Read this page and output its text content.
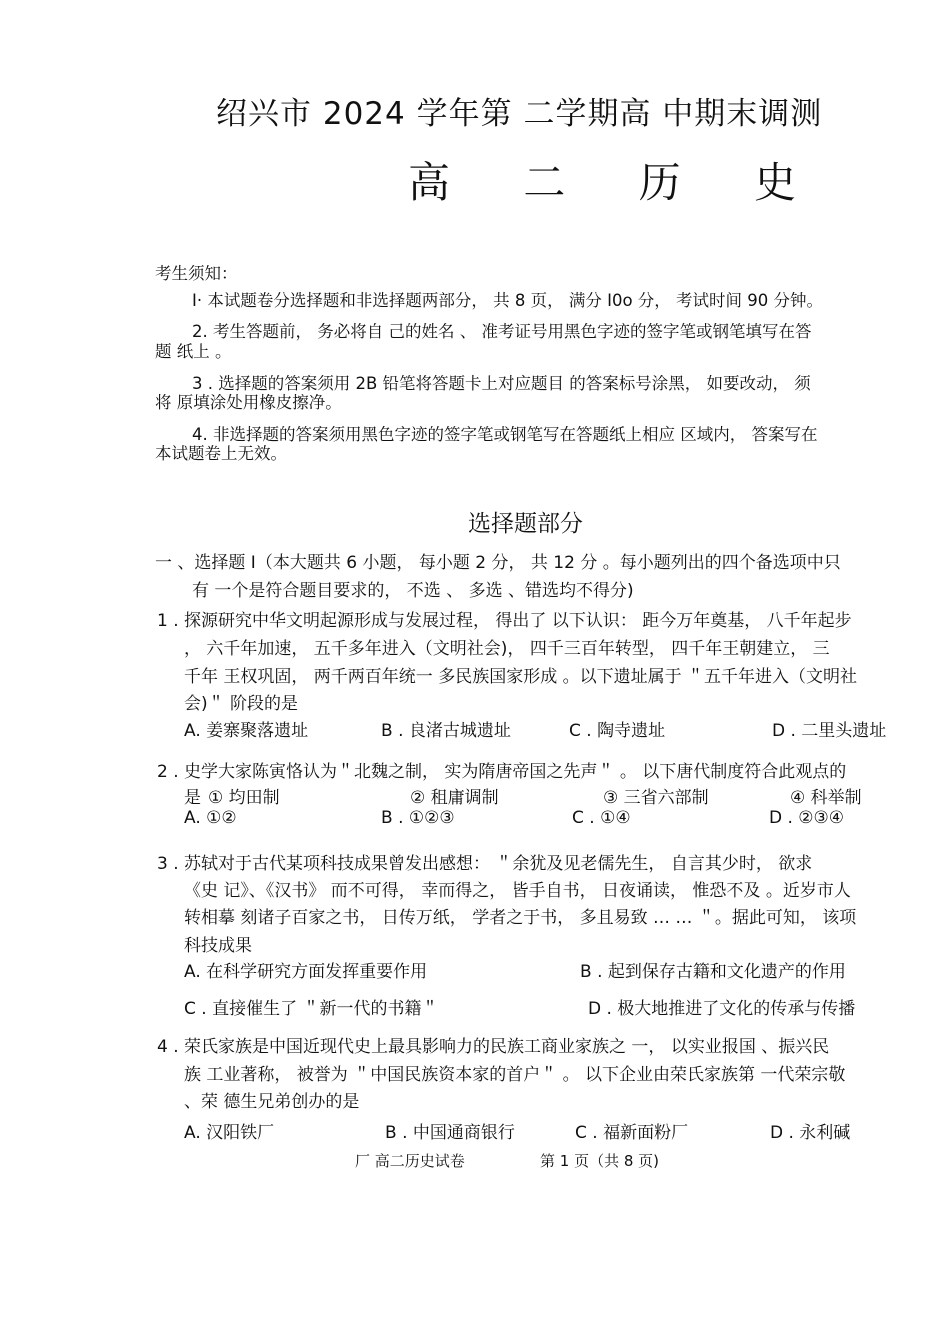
绍兴市 2024 学年第 二学期高 中期末调测
高 二 历 史
考生须知：
I· 本试题卷分选择题和非选择题两部分， 共 8 页， 满分 I0o 分， 考试时间 90 分钟。
2. 考生答题前， 务必将自 己的姓名 、 准考证号用黑色字迹的签字笔或钢笔填写在答
题 纸上 。
3 . 选择题的答案须用 2B 铅笔将答题卡上对应题目 的答案标号涂黑， 如要改动， 须
将 原填涂处用橡皮擦净。
4. 非选择题的答案须用黑色字迹的签字笔或钢笔写在答题纸上相应 区域内， 答案写在
本试题卷上无效。
选择题部分
一 、选择题 I（本大题共 6 小题， 每小题 2 分， 共 12 分 。每小题列出的四个备选项中只
有 一个是符合题目要求的， 不选 、 多选 、错选均不得分)
1 . 探源研究中华文明起源形成与发展过程， 得出了 以下认识： 距今万年奠基， 八千年起步
， 六千年加速， 五千多年进入（文明社会)， 四千三百年转型， 四千年王朝建立， 三
千年 王权巩固， 两千两百年统一 多民族国家形成 。以下遗址属于 ＂五千年进入（文明社
会)＂ 阶段的是
A. 姜寨聚落遗址	B . 良渚古城遗址	C . 陶寺遗址	D . 二里头遗址
2 . 史学大家陈寅恪认为＂北魏之制， 实为隋唐帝国之先声＂ 。 以下唐代制度符合此观点的
是 ① 均田制	② 租庸调制	③ 三省六部制	④ 科举制
A. ①②	B . ①②③	C . ①④	D . ②③④
3 . 苏轼对于古代某项科技成果曾发出感想： ＂余犹及见老儒先生， 自言其少时， 欲求
《史 记》、《汉书》 而不可得， 幸而得之， 皆手自书， 日夜诵读， 惟恐不及 。近岁市人
转相摹 刻诸子百家之书， 日传万纸， 学者之于书， 多且易致 … … ＂。据此可知， 该项
科技成果
A. 在科学研究方面发挥重要作用	B . 起到保存古籍和文化遗产的作用
C . 直接催生了 ＂新一代的书籍＂	D . 极大地推进了文化的传承与传播
4 . 荣氏家族是中国近现代史上最具影响力的民族工商业家族之 一， 以实业报国 、振兴民
族 工业著称， 被誉为 ＂中国民族资本家的首户＂ 。 以下企业由荣氏家族第 一代荣宗敬
、荣 德生兄弟创办的是
A. 汉阳铁厂	B . 中国通商银行	C . 福新面粉厂	D . 永利碱
厂 高二历史试卷	第 1 页（共 8 页)
